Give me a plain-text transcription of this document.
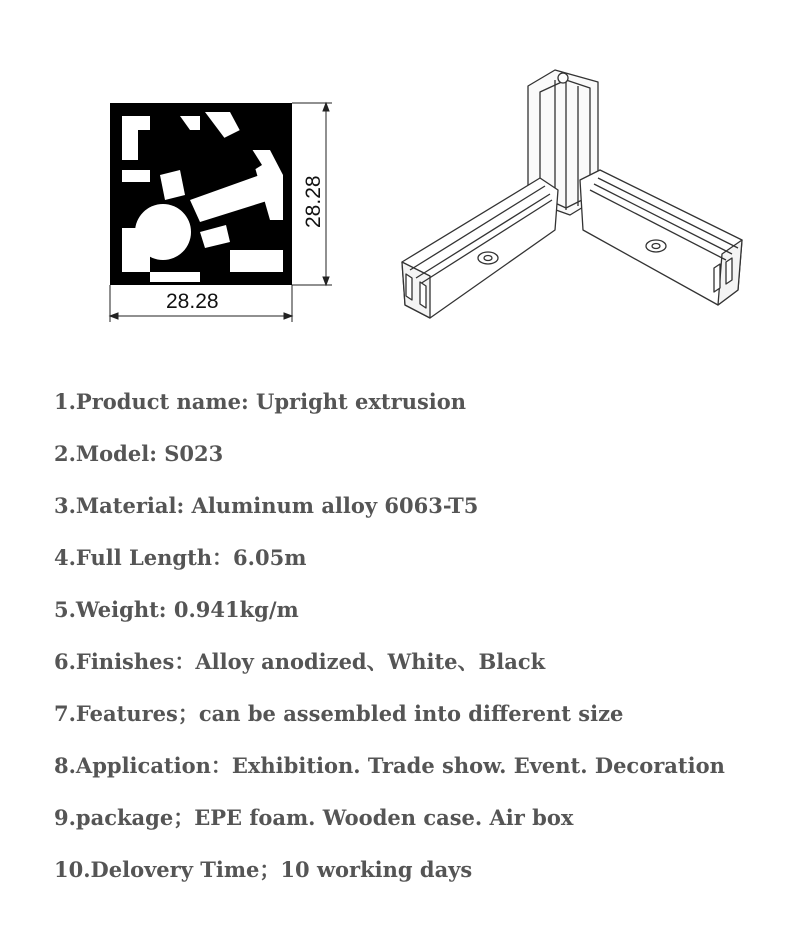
28.28
28.28
1.Product name: Upright extrusion
2.Model: S023
3.Material: Aluminum alloy 6063-T5
4.Full Length：6.05m
5.Weight: 0.941kg/m
6.Finishes：Alloy anodized、White、Black
7.Features；can be assembled into different size
8.Application：Exhibition. Trade show. Event. Decoration
9.package；EPE foam. Wooden case. Air box
10.Delovery Time；10 working days
